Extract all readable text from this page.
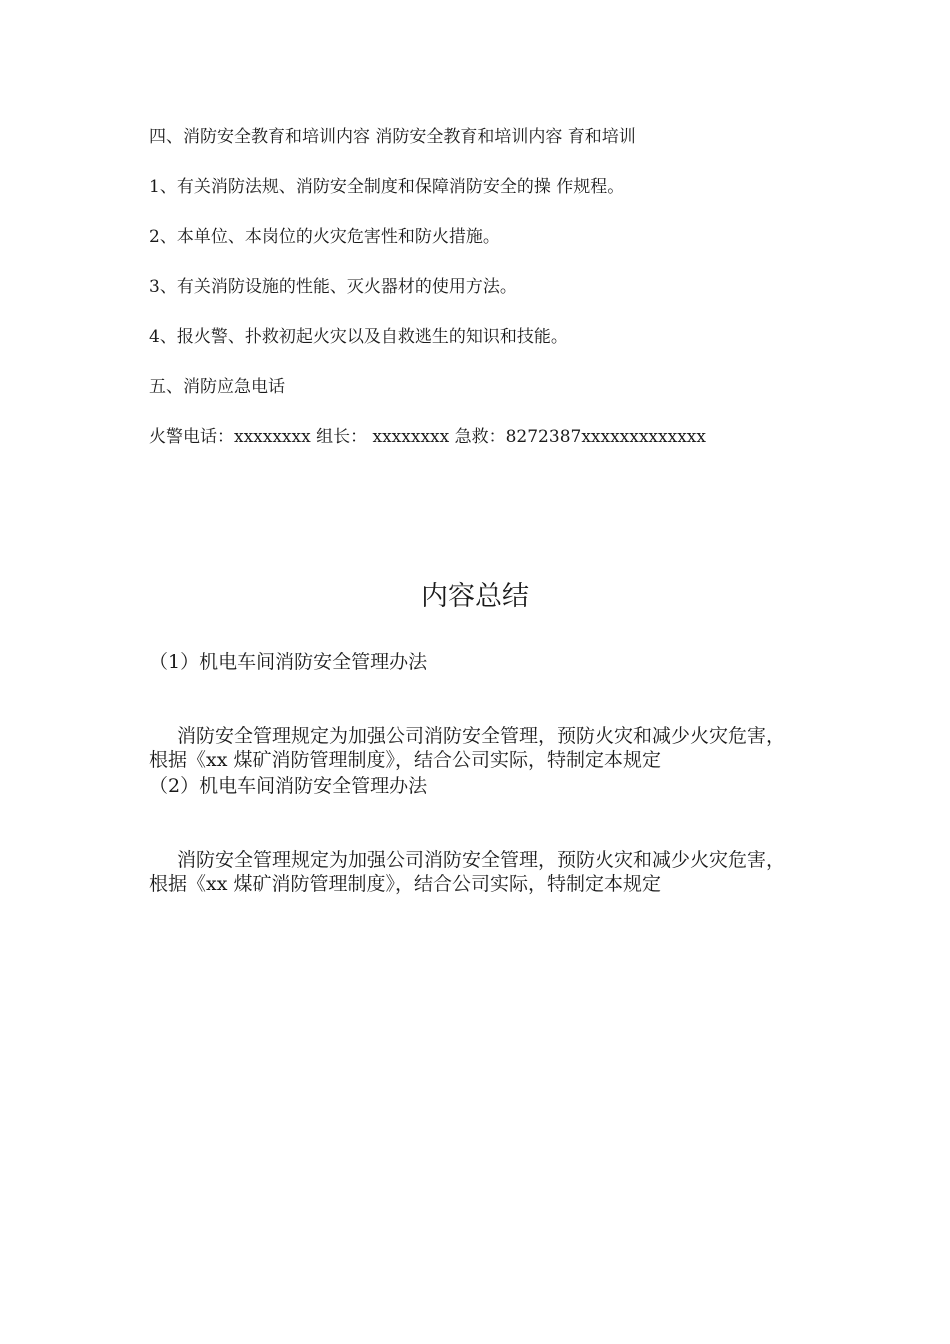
四、消防安全教育和培训内容 消防安全教育和培训内容 育和培训
1、有关消防法规、消防安全制度和保障消防安全的操 作规程。
2、本单位、本岗位的火灾危害性和防火措施。
3、有关消防设施的性能、灭火器材的使用方法。
4、报火警、扑救初起火灾以及自救逃生的知识和技能。
五、消防应急电话
火警电话：xxxxxxxx 组长： xxxxxxxx 急救：8272387xxxxxxxxxxxxx
内容总结
（1）机电车间消防安全管理办法
消防安全管理规定为加强公司消防安全管理，预防火灾和减少火灾危害， 根据《xx 煤矿消防管理制度》，结合公司实际，特制定本规定
（2）机电车间消防安全管理办法
消防安全管理规定为加强公司消防安全管理，预防火灾和减少火灾危害， 根据《xx 煤矿消防管理制度》，结合公司实际，特制定本规定
